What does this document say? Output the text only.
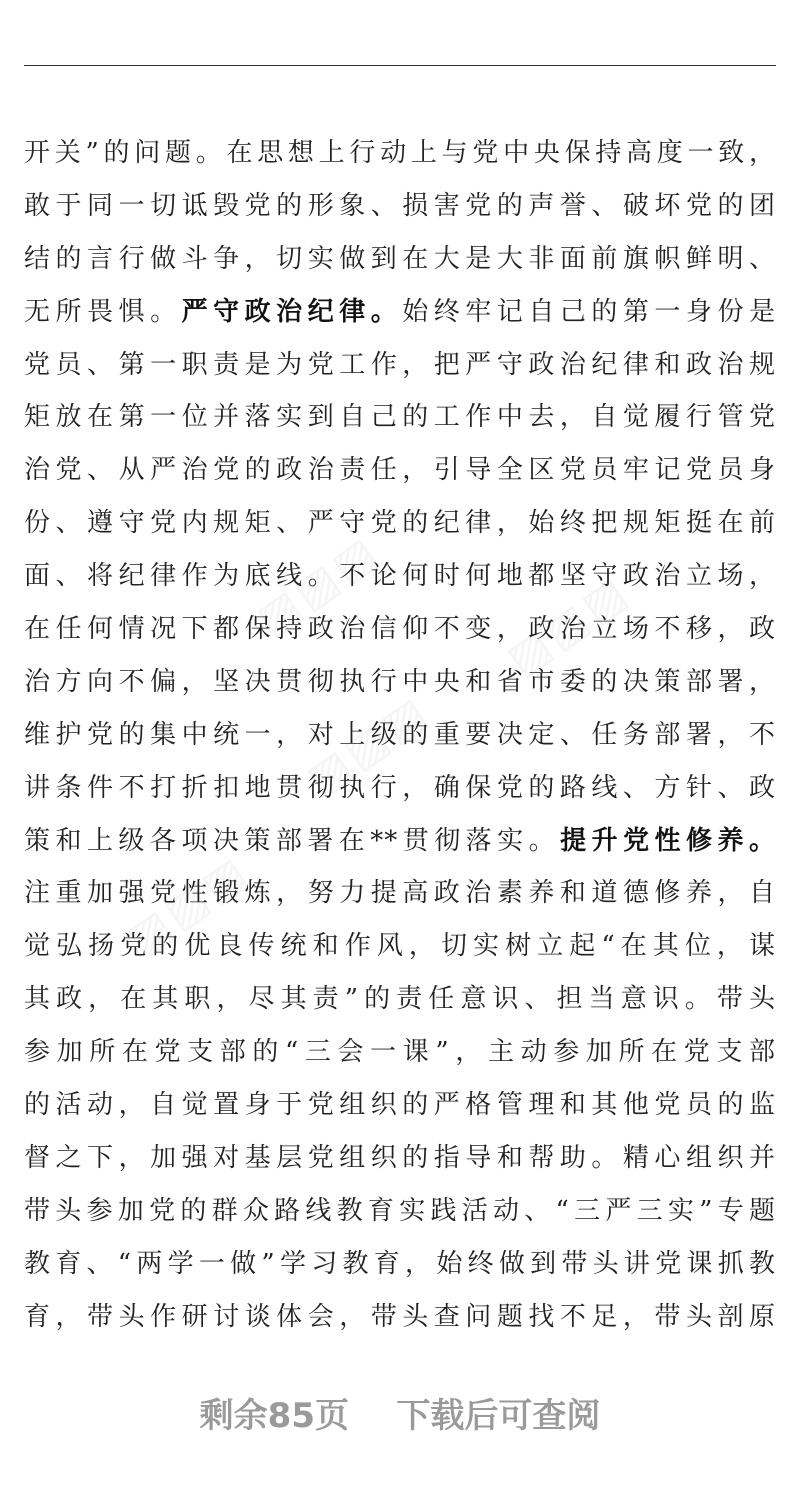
▨▨▨ ▨▨▨
▨▨▨
▨▨▨
开关”的问题。在思想上行动上与党中央保持高度一致，
敢于同一切诋毁党的形象、损害党的声誉、破坏党的团
结的言行做斗争，切实做到在大是大非面前旗帜鲜明、
无所畏惧。严守政治纪律。始终牢记自己的第一身份是
党员、第一职责是为党工作，把严守政治纪律和政治规
矩放在第一位并落实到自己的工作中去，自觉履行管党
治党、从严治党的政治责任，引导全区党员牢记党员身
份、遵守党内规矩、严守党的纪律，始终把规矩挺在前
面、将纪律作为底线。不论何时何地都坚守政治立场，
在任何情况下都保持政治信仰不变，政治立场不移，政
治方向不偏，坚决贯彻执行中央和省市委的决策部署，
维护党的集中统一，对上级的重要决定、任务部署，不
讲条件不打折扣地贯彻执行，确保党的路线、方针、政
策和上级各项决策部署在**贯彻落实。提升党性修养。
注重加强党性锻炼，努力提高政治素养和道德修养，自
觉弘扬党的优良传统和作风，切实树立起“在其位，谋
其政，在其职，尽其责”的责任意识、担当意识。带头
参加所在党支部的“三会一课”，主动参加所在党支部
的活动，自觉置身于党组织的严格管理和其他党员的监
督之下，加强对基层党组织的指导和帮助。精心组织并
带头参加党的群众路线教育实践活动、“三严三实”专题
教育、“两学一做”学习教育，始终做到带头讲党课抓教
育，带头作研讨谈体会，带头查问题找不足，带头剖原
剩余85页    下载后可查阅
